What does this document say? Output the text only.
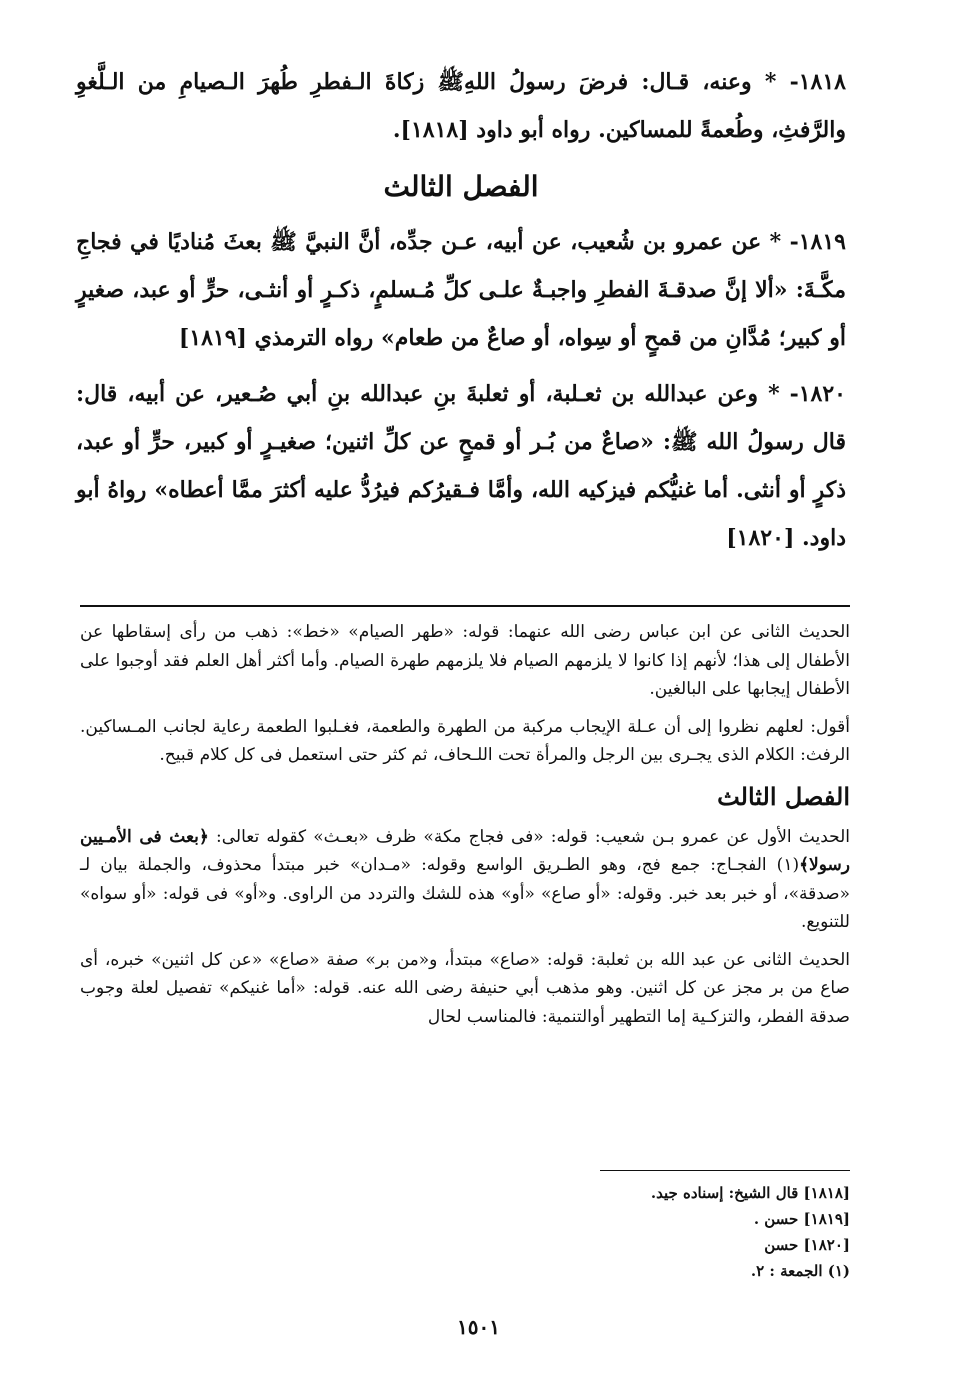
١٨١٨- * وعنه، قـال: فرضَ رسولُ اللهِﷺ زكاةَ الـفطرِ طُهرَ الـصيامِ من الـلَّغوِ والرَّفثِ، وطُعمةً للمساكين. رواه أبو داود [١٨١٨].

الفصل الثالث

١٨١٩- * عن عمرو بن شُعيب، عن أبيه، عـن جدِّه، أنَّ النبيَّ ﷺ بعثَ مُناديًا في فجاجِ مكَّـةَ: «ألا إنَّ صدقـةَ الفطرِ واجبـةٌ علـى كلِّ مُـسلمٍ، ذكـرٍ أو أنثـى، حرٍّ أو عبد، صغيرٍ أو كبير؛ مُدَّانِ من قمحٍ أو سِواه، أو صاعٌ من طعام» رواه الترمذي [١٨١٩]

١٨٢٠- * وعن عبدالله بن ثعـلبة، أو ثعلبةَ بنِ عبدالله بنِ أبي صُـعير، عن أبيه، قال: قال رسولُ الله ﷺ: «صاعٌ من بُـر أو قمحٍ عن كلِّ اثنين؛ صغيـرٍ أو كبير، حرٍّ أو عبد، ذكرٍ أو أنثى. أما غنيُّكم فيزكيه الله، وأمَّا فـقيرُكم فيرُدُّ عليه أكثرَ ممَّا أعطاه» رواهُ أبو داود. [١٨٢٠]

الحديث الثانى عن ابن عباس رضى الله عنهما: قوله: «طهر الصيام» «خط»: ذهب من رأى إسقاطها عن الأطفال إلى هذا؛ لأنهم إذا كانوا لا يلزمهم الصيام فلا يلزمهم طهرة الصيام. وأما أكثر أهل العلم فقد أوجبوا على الأطفال إيجابها على البالغين.

أقول: لعلهم نظروا إلى أن عـلة الإيجاب مركبة من الطهرة والطعمة، فغـلبوا الطعمة رعاية لجانب المـساكين. الرفث: الكلام الذى يجـرى بين الرجل والمرأة تحت اللـحاف، ثم كثر حتى استعمل فى كل كلام قبيح.

الفصل الثالث

الحديث الأول عن عمرو بـن شعيب: قوله: «فى فجاج مكة» ظرف «بعـث» كقوله تعالى: ﴿بعث فى الأمـيين رسولا﴾(١) الفجـاج: جمع فج، وهو الطـريق الواسع وقوله: «مـدان» خبر مبتدأ محذوف، والجملة بيان لـ «صدقة»، أو خبر بعد خبر. وقوله: «أو صاع» «أو» هذه للشك والتردد من الراوى. و«أو» فى قوله: «أو سواه» للتنويع.

الحديث الثانى عن عبد الله بن ثعلبة: قوله: «صاع» مبتدأ، و«من بر» صفة «صاع» «عن كل اثنين» خبره، أى صاع من بر مجز عن كل اثنين. وهو مذهب أبي حنيفة رضى الله عنه. قوله: «أما غنيكم» تفصيل لعلة وجوب صدقة الفطر، والتزكـية إما التطهير أوالتنمية: فالمناسب لحال

[١٨١٨] قال الشيخ: إسناده جيد.
[١٨١٩] حسن .
[١٨٢٠] حسن
(١) الجمعة : ٢.
١٥٠١
